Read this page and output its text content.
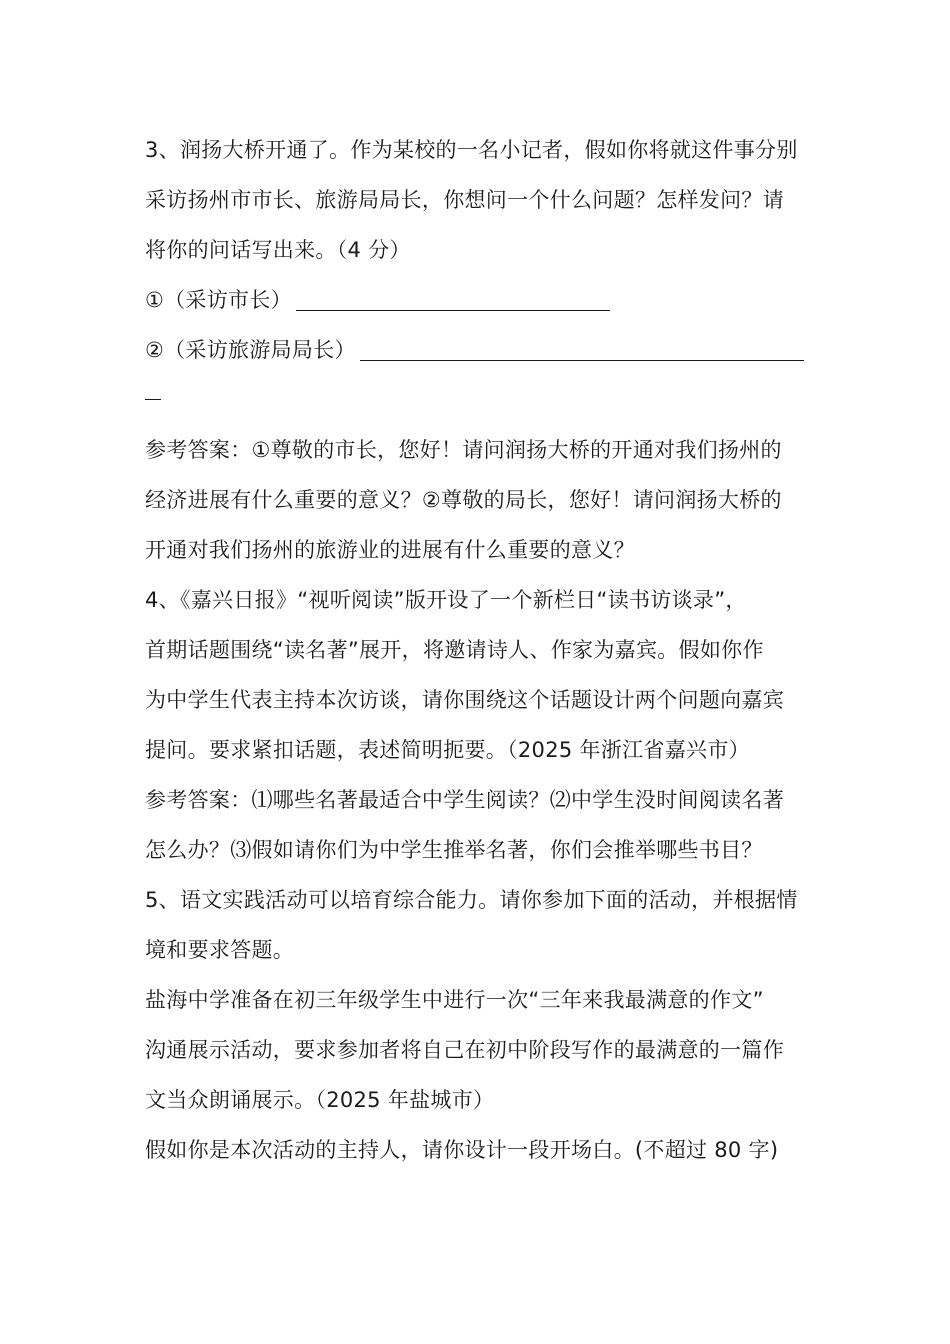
3、润扬大桥开通了。作为某校的一名小记者，假如你将就这件事分别
采访扬州市市长、旅游局局长，你想问一个什么问题？怎样发问？请
将你的问话写出来。（4 分）
①（采访市长）
②（采访旅游局局长）
参考答案：①尊敬的市长，您好！请问润扬大桥的开通对我们扬州的
经济进展有什么重要的意义？②尊敬的局长，您好！请问润扬大桥的
开通对我们扬州的旅游业的进展有什么重要的意义？
4、《嘉兴日报》“视听阅读”版开设了一个新栏日“读书访谈录”，
首期话题围绕“读名著”展开，将邀请诗人、作家为嘉宾。假如你作
为中学生代表主持本次访谈，请你围绕这个话题设计两个问题向嘉宾
提问。要求紧扣话题，表述简明扼要。（2025 年浙江省嘉兴市）
参考答案：⑴哪些名著最适合中学生阅读？⑵中学生没时间阅读名著
怎么办？⑶假如请你们为中学生推举名著，你们会推举哪些书目？
5、语文实践活动可以培育综合能力。请你参加下面的活动，并根据情
境和要求答题。
盐海中学准备在初三年级学生中进行一次“三年来我最满意的作文”
沟通展示活动，要求参加者将自己在初中阶段写作的最满意的一篇作
文当众朗诵展示。（2025 年盐城市）
假如你是本次活动的主持人，请你设计一段开场白。(不超过 80 字)
